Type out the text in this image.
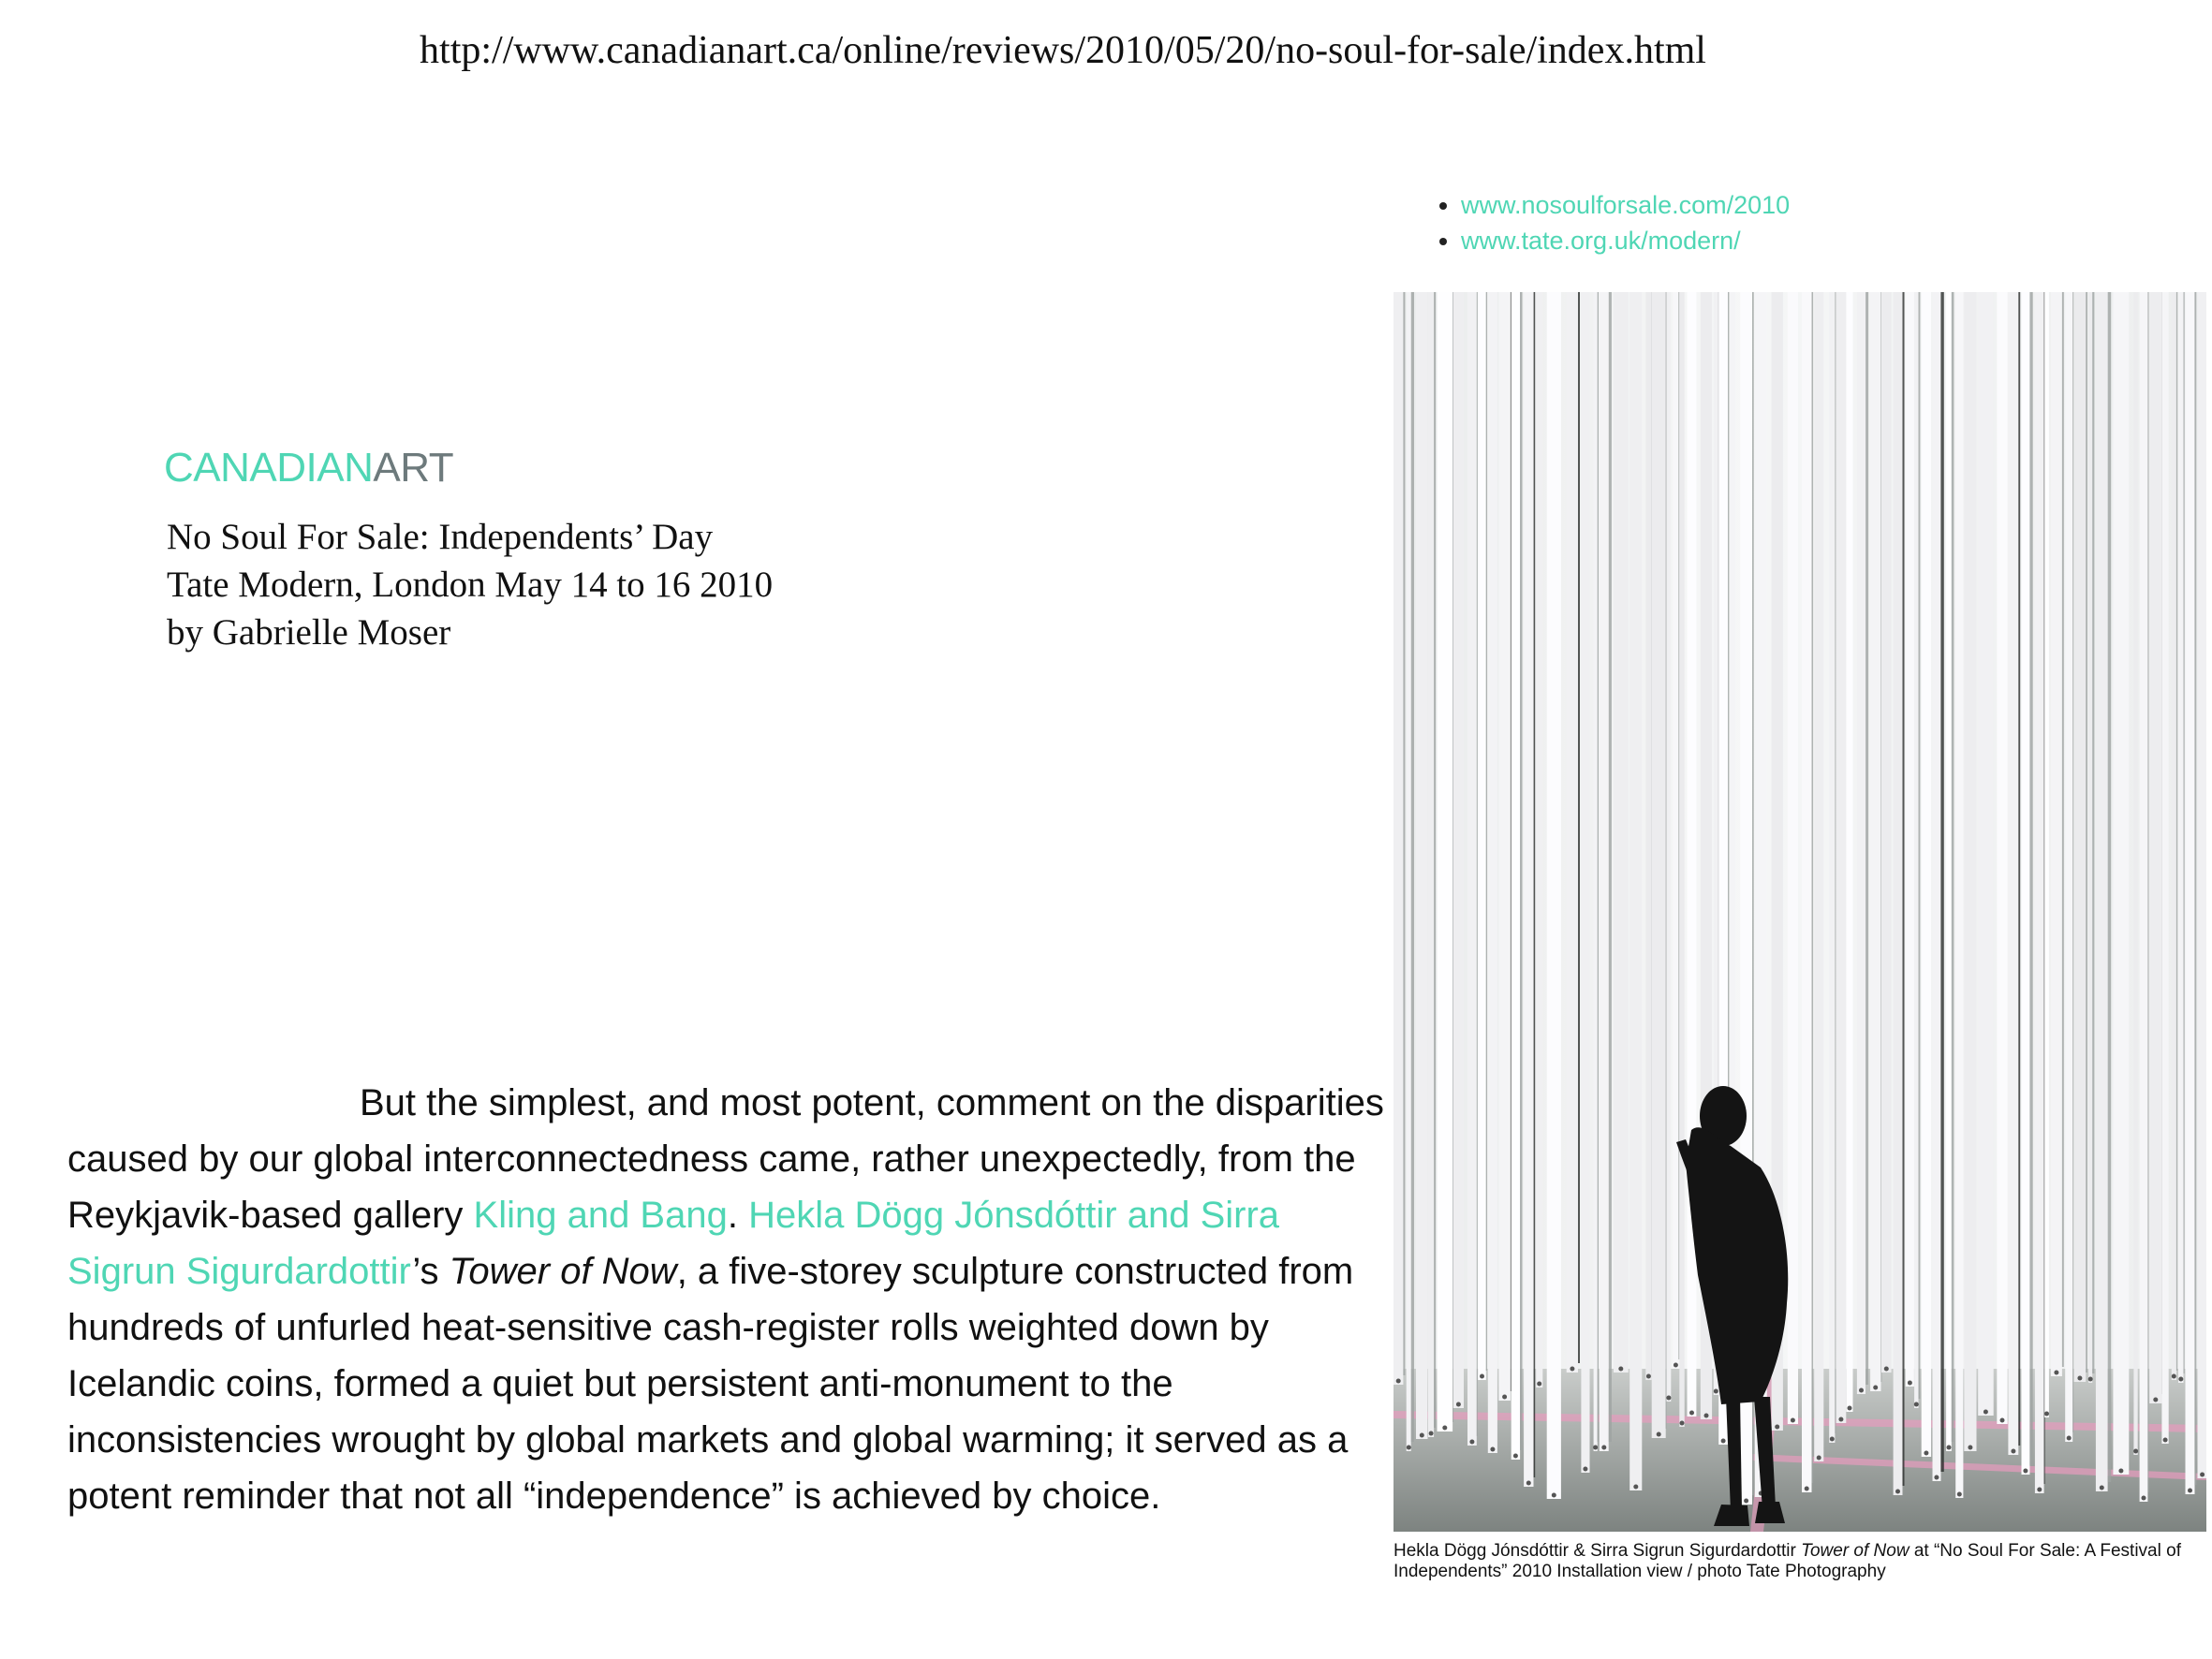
http://www.canadianart.ca/online/reviews/2010/05/20/no-soul-for-sale/index.html
• www.nosoulforsale.com/2010
• www.tate.org.uk/modern/
CANADIANART
No Soul For Sale: Independents’ Day
Tate Modern, London May 14 to 16 2010
by Gabrielle Moser

But the simplest, and most potent, comment on the disparities caused by our global interconnectedness came, rather unexpectedly, from the Reykjavik-based gallery Kling and Bang. Hekla Dögg Jónsdóttir and Sirra Sigrun Sigurdardottir’s Tower of Now, a five-storey sculpture constructed from hundreds of unfurled heat-sensitive cash-register rolls weighted down by Icelandic coins, formed a quiet but persistent anti-monument to the inconsistencies wrought by global markets and global warming; it served as a potent reminder that not all “independence” is achieved by choice.

Hekla Dögg Jónsdóttir & Sirra Sigrun Sigurdardottir Tower of Now at “No Soul For Sale: A Festival of Independents” 2010 Installation view / photo Tate Photography
